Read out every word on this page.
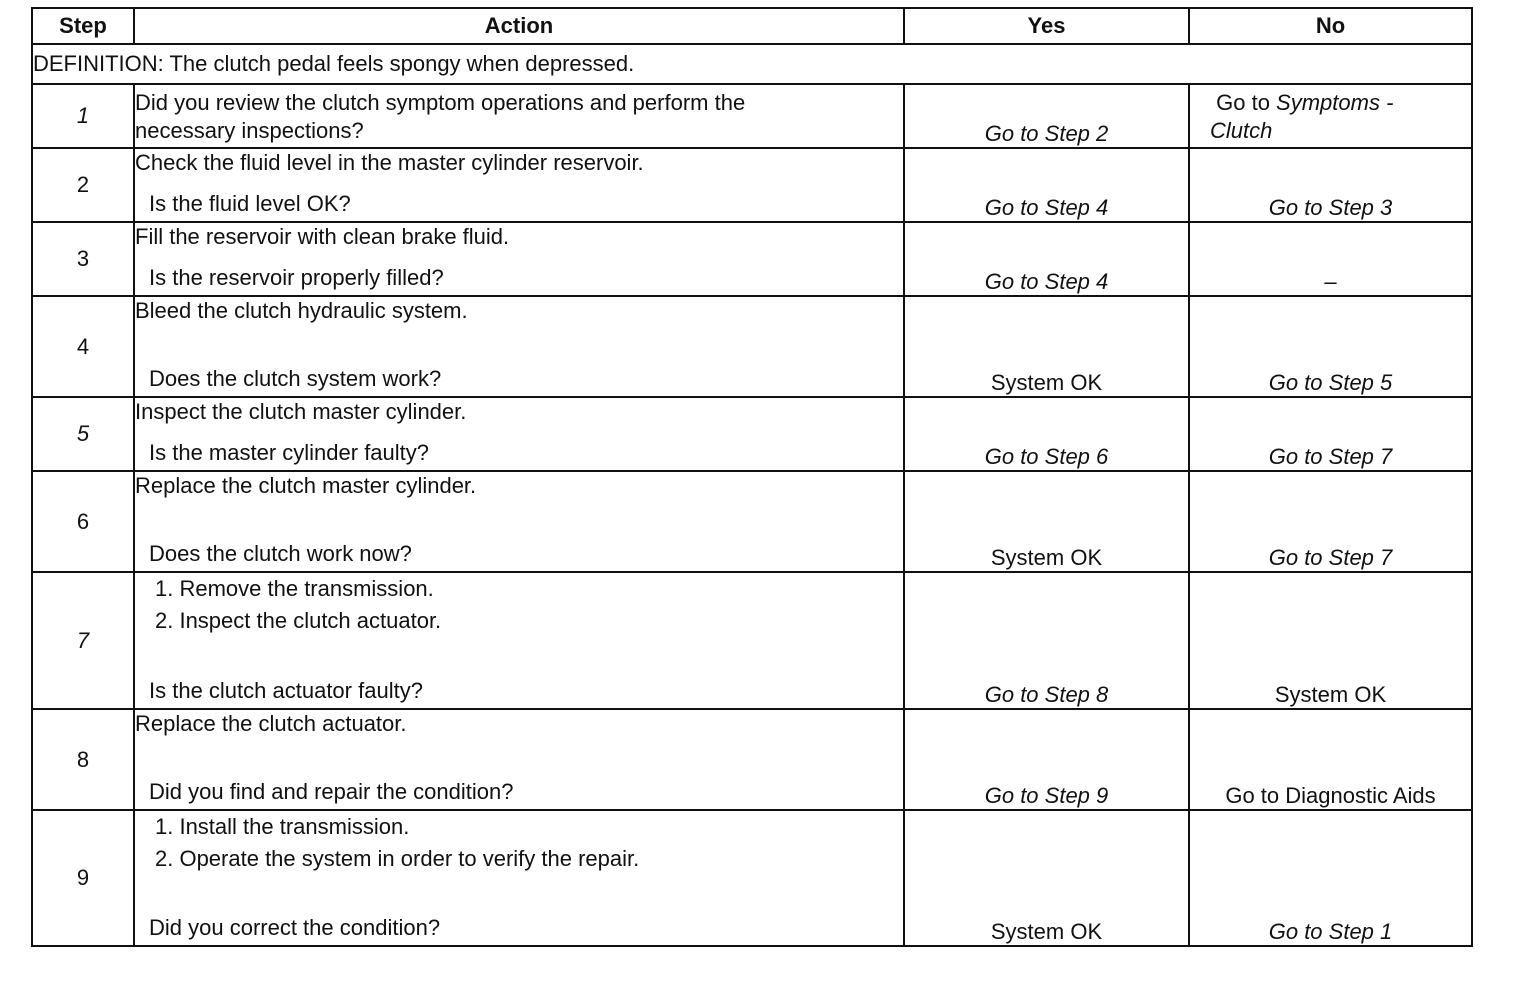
Step	Action	Yes	No
DEFINITION: The clutch pedal feels spongy when depressed.			
1	Did you review the clutch symptom operations and perform the
necessary inspections?	Go to Step 2	Go to Symptoms -
Clutch

2	Check the fluid level in the master cylinder reservoir.
Is the fluid level OK?	Go to Step 4	Go to Step 3
3	Fill the reservoir with clean brake fluid.
Is the reservoir properly filled?	Go to Step 4	–
4	Bleed the clutch hydraulic system.
Does the clutch system work?	System OK	Go to Step 5
5	Inspect the clutch master cylinder.
Is the master cylinder faulty?	Go to Step 6	Go to Step 7
6	Replace the clutch master cylinder.
Does the clutch work now?	System OK	Go to Step 7
7	1. Remove the transmission.
2. Inspect the clutch actuator.
Is the clutch actuator faulty?	Go to Step 8	System OK
8	Replace the clutch actuator.
Did you find and repair the condition?	Go to Step 9	Go to Diagnostic Aids
9	1. Install the transmission.
2. Operate the system in order to verify the repair.
Did you correct the condition?	System OK	Go to Step 1
